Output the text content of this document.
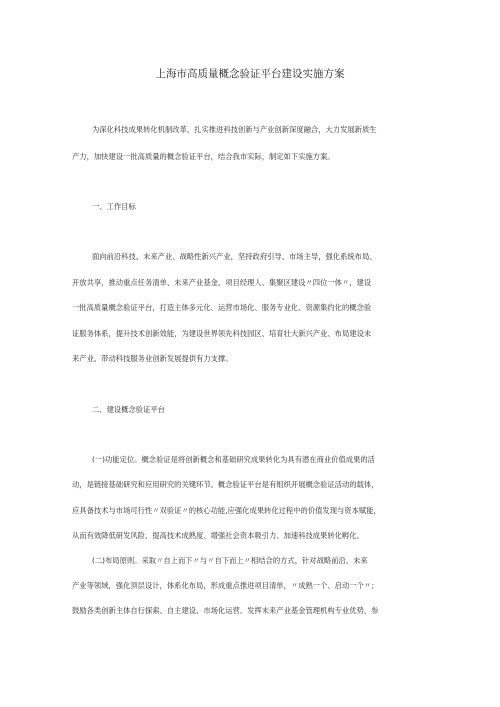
上海市高质量概念验证平台建设实施方案
为深化科技成果转化机制改革，扎实推进科技创新与产业创新深度融合，大力发展新质生
产力，加快建设一批高质量的概念验证平台，结合我市实际，制定如下实施方案。
一、工作目标
面向前沿科技、未来产业、战略性新兴产业，坚持政府引导、市场主导，强化系统布局、
开放共享，推动重点任务清单、未来产业基金、项目经理人、集聚区建设〃四位一体〃，建设
一批高质量概念验证平台，打造主体多元化、运营市场化、服务专业化、资源集约化的概念验
证服务体系，提升技术创新效能，为建设世界领先科技园区、培育壮大新兴产业、布局建设未
来产业、带动科技服务业创新发展提供有力支撑。
二、建设概念验证平台
(一)功能定位。概念验证是将创新概念和基础研究成果转化为具有潜在商业价值成果的活
动，是链接基础研究和应用研究的关键环节。概念验证平台是有组织开展概念验证活动的载体，
应具备技术与市场可行性〃双验证〃的核心功能,应强化成果转化过程中的价值发现与资本赋能，
从而有效降低研发风险、提高技术成熟度、增强社会资本吸引力、加速科技成果转化孵化。
(二)布局原则。采取〃自上而下〃与〃自下而上〃相结合的方式，针对战略前沿、未来
产业等领域，强化顶层设计，体系化布局，形成重点推进项目清单，〃成熟一个、启动一个〃；
鼓励各类创新主体自行探索、自主建设、市场化运营。发挥未来产业基金管理机构专业优势，参
